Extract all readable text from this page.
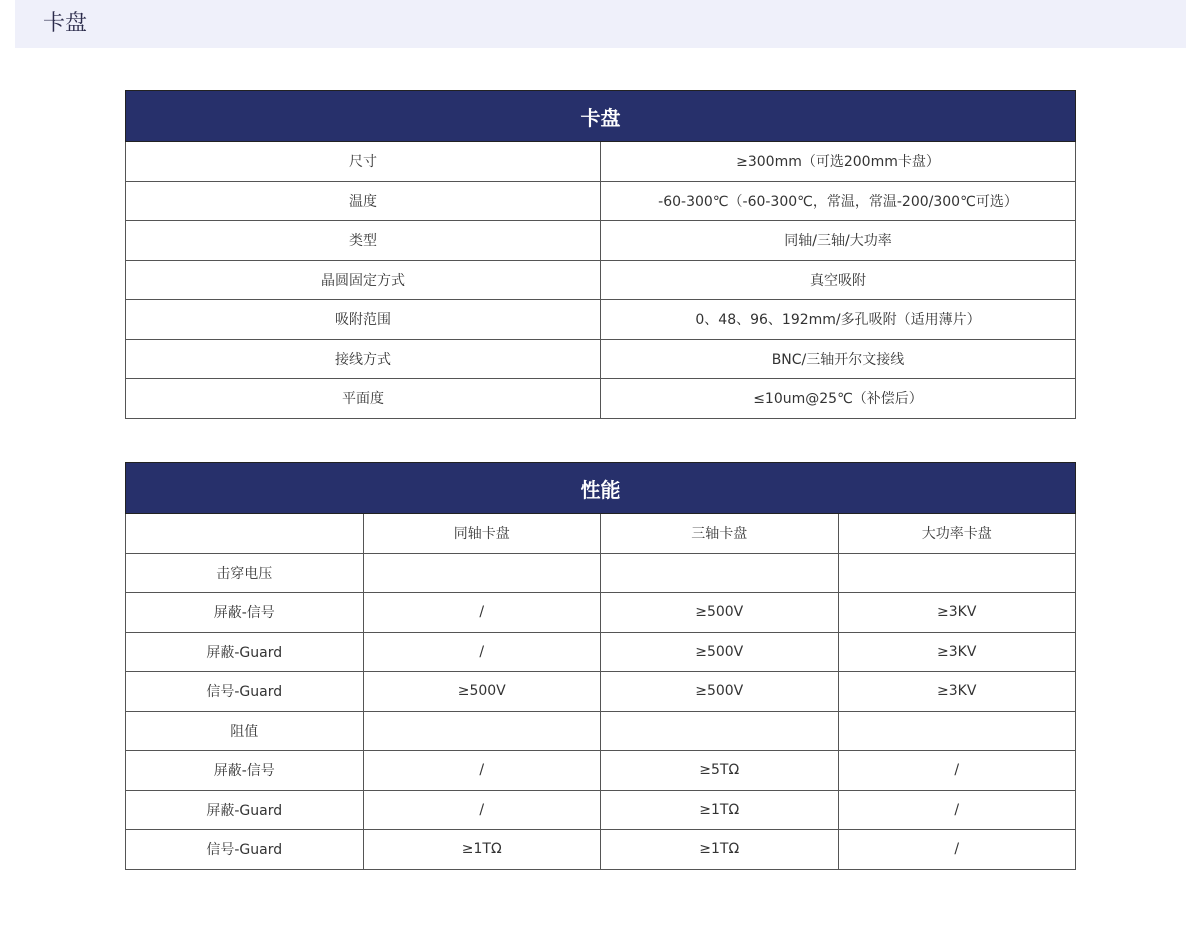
卡盘
卡盘	
尺寸	≥300mm（可选200mm卡盘）
温度	-60-300℃（-60-300℃，常温，常温-200/300℃可选）
类型	同轴/三轴/大功率
晶圆固定方式	真空吸附
吸附范围	0、48、96、192mm/多孔吸附（适用薄片）
接线方式	BNC/三轴开尔文接线
平面度	≤10um@25℃（补偿后）
性能			
	同轴卡盘	三轴卡盘	大功率卡盘
击穿电压			
屏蔽-信号	/	≥500V	≥3KV
屏蔽-Guard	/	≥500V	≥3KV
信号-Guard	≥500V	≥500V	≥3KV
阻值			
屏蔽-信号	/	≥5TΩ	/
屏蔽-Guard	/	≥1TΩ	/
信号-Guard	≥1TΩ	≥1TΩ	/
